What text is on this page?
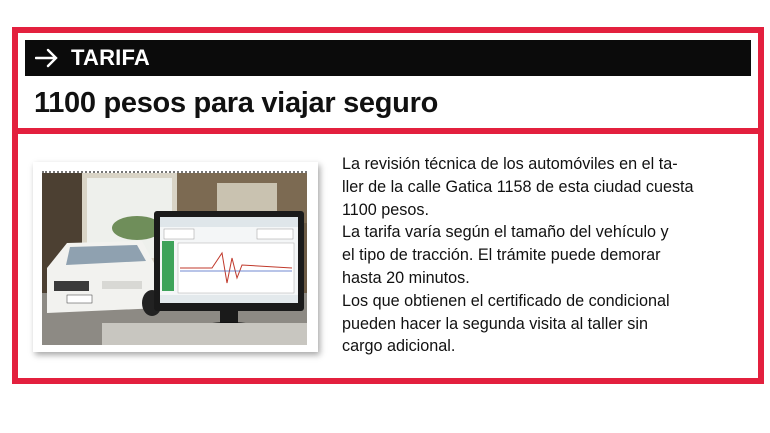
TARIFA
1100 pesos para viajar seguro

La revisión técnica de los automóviles en el ta-

ller de la calle Gatica 1158 de esta ciudad cuesta

1100 pesos.

La tarifa varía según el tamaño del vehículo y

el tipo de tracción. El trámite puede demorar

hasta 20 minutos.

Los que obtienen el certificado de condicional

pueden hacer la segunda visita al taller sin

cargo adicional.
